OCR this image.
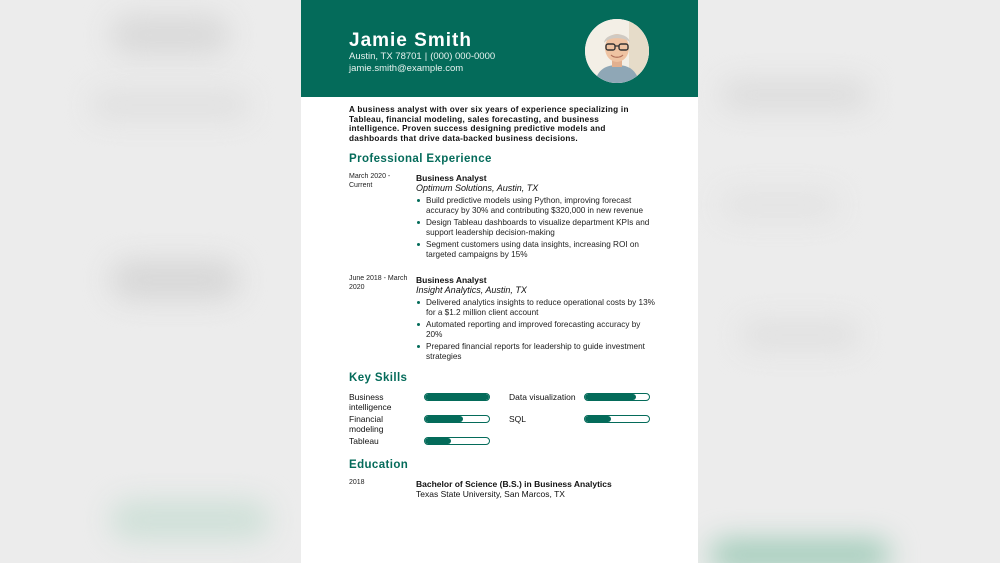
Jamie Smith
Austin, TX 78701 | (000) 000-0000
jamie.smith@example.com
A business analyst with over six years of experience specializing in Tableau, financial modeling, sales forecasting, and business intelligence. Proven success designing predictive models and dashboards that drive data-backed business decisions.
Professional Experience
March 2020 - Current
Business Analyst
Optimum Solutions, Austin, TX
Build predictive models using Python, improving forecast accuracy by 30% and contributing $320,000 in new revenue
Design Tableau dashboards to visualize department KPIs and support leadership decision-making
Segment customers using data insights, increasing ROI on targeted campaigns by 15%
June 2018 - March 2020
Business Analyst
Insight Analytics, Austin, TX
Delivered analytics insights to reduce operational costs by 13% for a $1.2 million client account
Automated reporting and improved forecasting accuracy by 20%
Prepared financial reports for leadership to guide investment strategies
Key Skills
Business intelligence
Data visualization
Financial modeling
SQL
Tableau
Education
2018	Bachelor of Science (B.S.) in Business Analytics
Texas State University, San Marcos, TX
